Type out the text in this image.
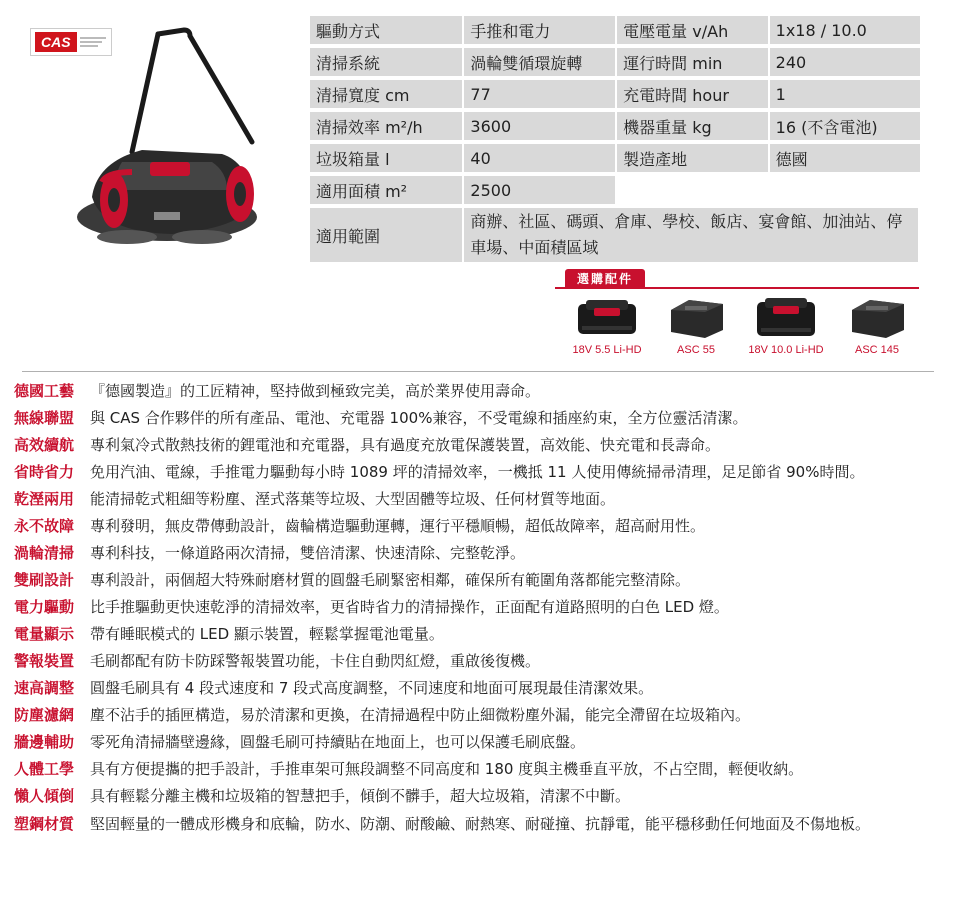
CAS
驅動方式	手推和電力	電壓電量 v/Ah	1x18 / 10.0
清掃系統	渦輪雙循環旋轉	運行時間 min	240
清掃寬度 cm	77	充電時間 hour	1
清掃效率 m²/h	3600	機器重量 kg	16 (不含電池)
垃圾箱量 l	40	製造產地	德國
適用面積 m²	2500		
適用範圍	商辦、社區、碼頭、倉庫、學校、飯店、宴會館、加油站、停車場、中面積區域		
選購配件
18V 5.5 Li-HD	ASC 55	18V 10.0 Li-HD	ASC 145
德國工藝	『德國製造』的工匠精神，堅持做到極致完美，高於業界使用壽命。
無線聯盟	與 CAS 合作夥伴的所有產品、電池、充電器 100%兼容，不受電線和插座約束，全方位靈活清潔。
高效續航	專利氣冷式散熱技術的鋰電池和充電器，具有過度充放電保護裝置，高效能、快充電和長壽命。
省時省力	免用汽油、電線，手推電力驅動每小時 1089 坪的清掃效率，一機抵 11 人使用傳統掃帚清理，足足節省 90%時間。
乾溼兩用	能清掃乾式粗細等粉塵、溼式落葉等垃圾、大型固體等垃圾、任何材質等地面。
永不故障	專利發明，無皮帶傳動設計，齒輪構造驅動運轉，運行平穩順暢，超低故障率，超高耐用性。
渦輪清掃	專利科技，一條道路兩次清掃，雙倍清潔、快速清除、完整乾淨。
雙刷設計	專利設計，兩個超大特殊耐磨材質的圓盤毛刷緊密相鄰，確保所有範圍角落都能完整清除。
電力驅動	比手推驅動更快速乾淨的清掃效率，更省時省力的清掃操作，正面配有道路照明的白色 LED 燈。
電量顯示	帶有睡眠模式的 LED 顯示裝置，輕鬆掌握電池電量。
警報裝置	毛刷都配有防卡防踩警報裝置功能，卡住自動閃紅燈，重啟後復機。
速高調整	圓盤毛刷具有 4 段式速度和 7 段式高度調整，不同速度和地面可展現最佳清潔效果。
防塵濾網	塵不沾手的插匣構造，易於清潔和更換，在清掃過程中防止細微粉塵外漏，能完全滯留在垃圾箱內。
牆邊輔助	零死角清掃牆壁邊緣，圓盤毛刷可持續貼在地面上，也可以保護毛刷底盤。
人體工學	具有方便提攜的把手設計，手推車架可無段調整不同高度和 180 度與主機垂直平放，不占空間，輕便收納。
懶人傾倒	具有輕鬆分離主機和垃圾箱的智慧把手，傾倒不髒手，超大垃圾箱，清潔不中斷。
塑鋼材質	堅固輕量的一體成形機身和底輪，防水、防潮、耐酸鹼、耐熱寒、耐碰撞、抗靜電，能平穩移動任何地面及不傷地板。
